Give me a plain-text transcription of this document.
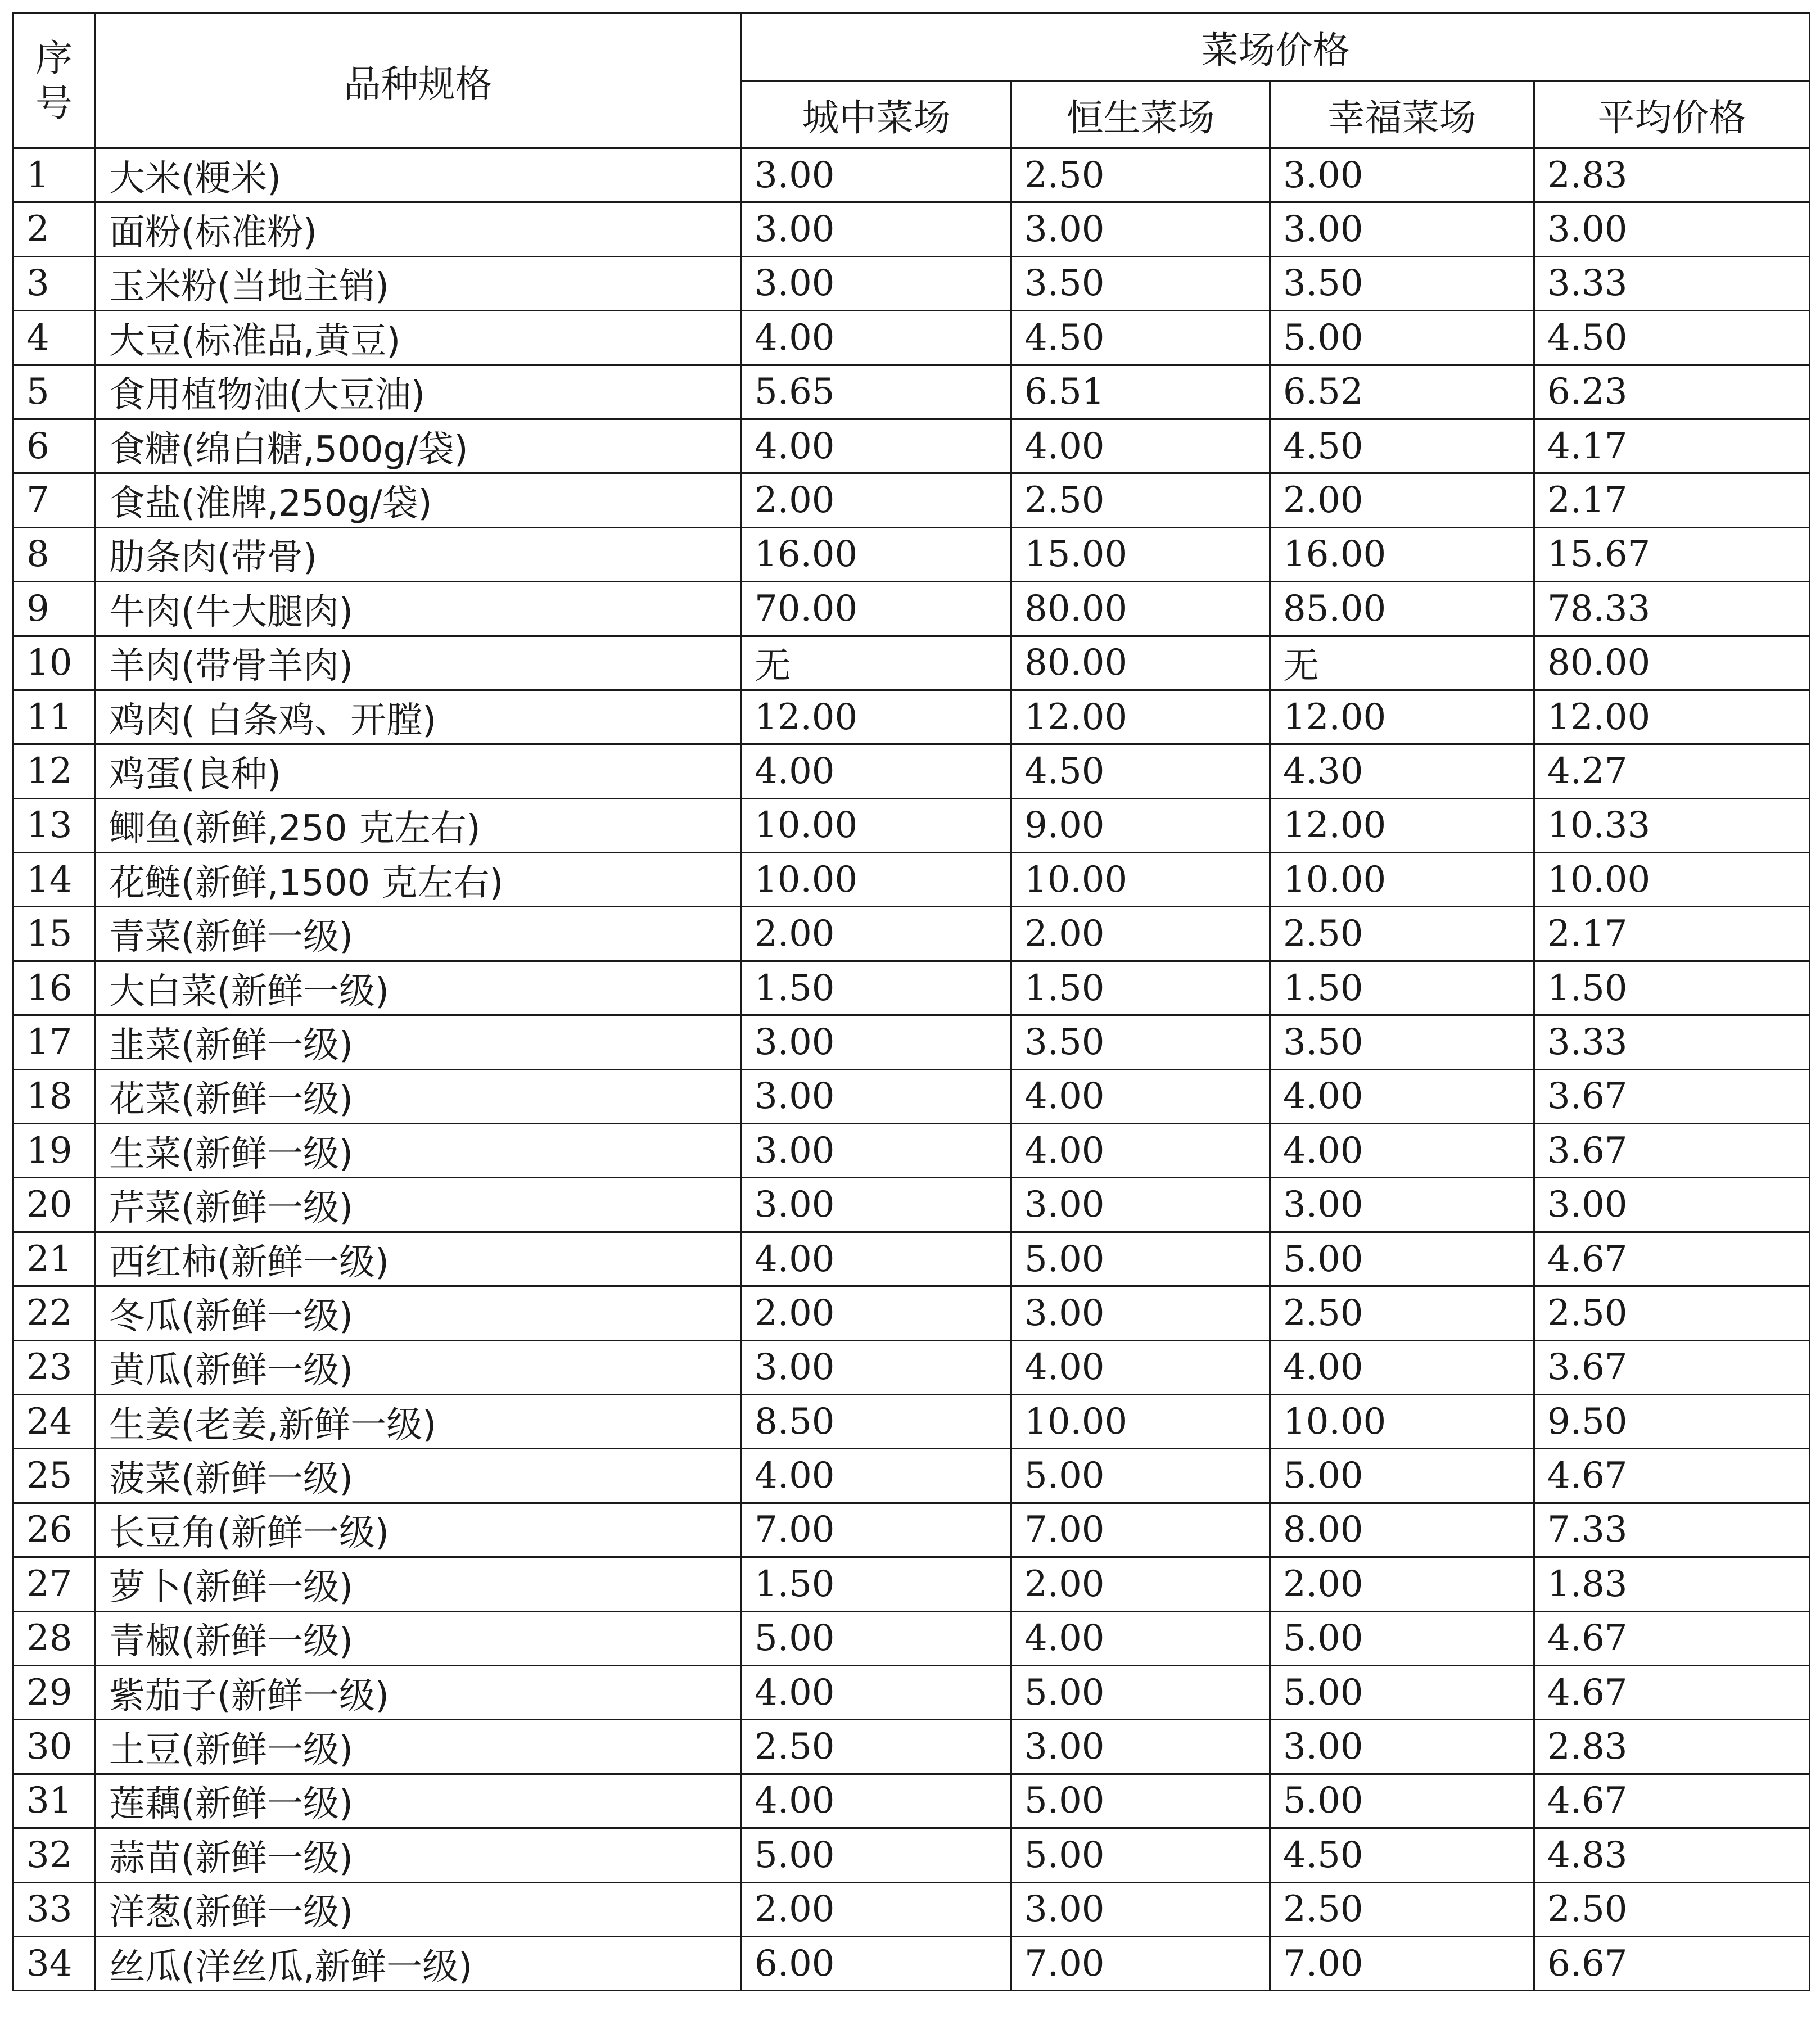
序
号	品种规格	菜场价格			
		城中菜场	恒生菜场	幸福菜场	平均价格
1	大米(粳米)	3.00	2.50	3.00	2.83
2	面粉(标准粉)	3.00	3.00	3.00	3.00
3	玉米粉(当地主销)	3.00	3.50	3.50	3.33
4	大豆(标准品,黄豆)	4.00	4.50	5.00	4.50
5	食用植物油(大豆油)	5.65	6.51	6.52	6.23
6	食糖(绵白糖,500g/袋)	4.00	4.00	4.50	4.17
7	食盐(淮牌,250g/袋)	2.00	2.50	2.00	2.17
8	肋条肉(带骨)	16.00	15.00	16.00	15.67
9	牛肉(牛大腿肉)	70.00	80.00	85.00	78.33
10	羊肉(带骨羊肉)	无	80.00	无	80.00
11	鸡肉( 白条鸡、开膛)	12.00	12.00	12.00	12.00
12	鸡蛋(良种)	4.00	4.50	4.30	4.27
13	鲫鱼(新鲜,250 克左右)	10.00	9.00	12.00	10.33
14	花鲢(新鲜,1500 克左右)	10.00	10.00	10.00	10.00
15	青菜(新鲜一级)	2.00	2.00	2.50	2.17
16	大白菜(新鲜一级)	1.50	1.50	1.50	1.50
17	韭菜(新鲜一级)	3.00	3.50	3.50	3.33
18	花菜(新鲜一级)	3.00	4.00	4.00	3.67
19	生菜(新鲜一级)	3.00	4.00	4.00	3.67
20	芹菜(新鲜一级)	3.00	3.00	3.00	3.00
21	西红柿(新鲜一级)	4.00	5.00	5.00	4.67
22	冬瓜(新鲜一级)	2.00	3.00	2.50	2.50
23	黄瓜(新鲜一级)	3.00	4.00	4.00	3.67
24	生姜(老姜,新鲜一级)	8.50	10.00	10.00	9.50
25	菠菜(新鲜一级)	4.00	5.00	5.00	4.67
26	长豆角(新鲜一级)	7.00	7.00	8.00	7.33
27	萝卜(新鲜一级)	1.50	2.00	2.00	1.83
28	青椒(新鲜一级)	5.00	4.00	5.00	4.67
29	紫茄子(新鲜一级)	4.00	5.00	5.00	4.67
30	土豆(新鲜一级)	2.50	3.00	3.00	2.83
31	莲藕(新鲜一级)	4.00	5.00	5.00	4.67
32	蒜苗(新鲜一级)	5.00	5.00	4.50	4.83
33	洋葱(新鲜一级)	2.00	3.00	2.50	2.50
34	丝瓜(洋丝瓜,新鲜一级)	6.00	7.00	7.00	6.67
